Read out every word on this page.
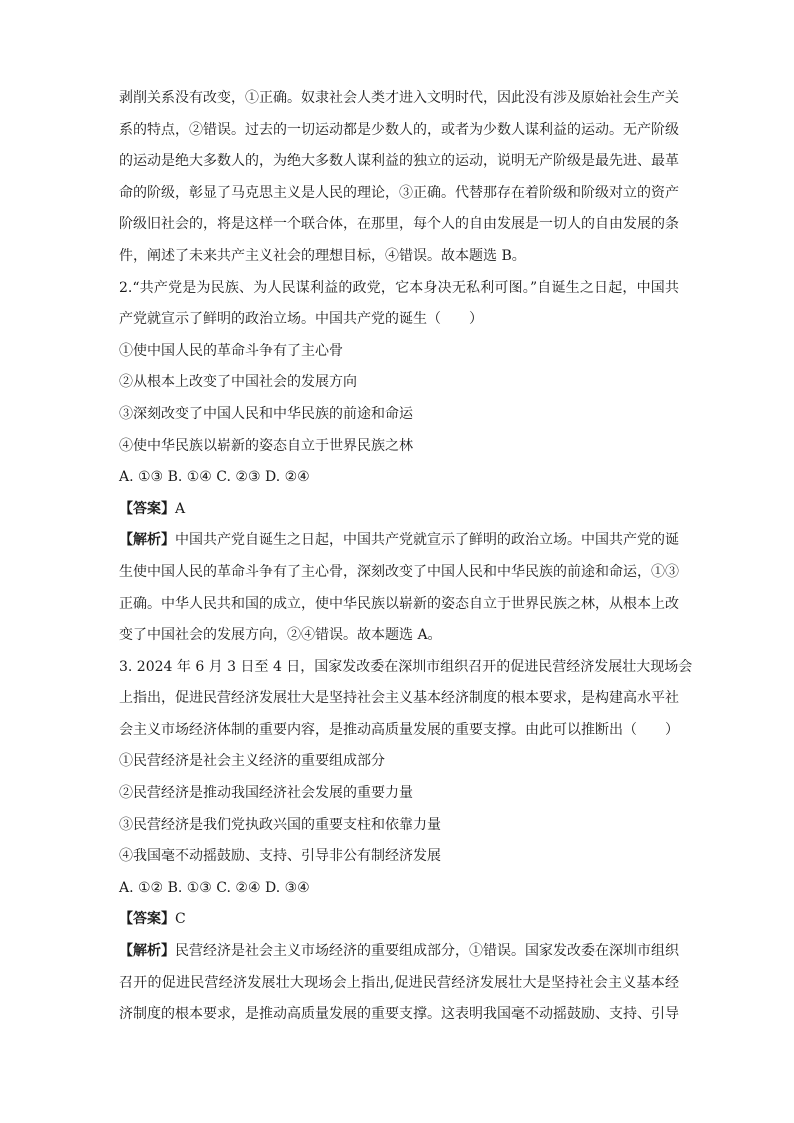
剥削关系没有改变，①正确。奴隶社会人类才进入文明时代，因此没有涉及原始社会生产关
系的特点，②错误。过去的一切运动都是少数人的，或者为少数人谋利益的运动。无产阶级
的运动是绝大多数人的，为绝大多数人谋利益的独立的运动，说明无产阶级是最先进、最革
命的阶级，彰显了马克思主义是人民的理论，③正确。代替那存在着阶级和阶级对立的资产
阶级旧社会的，将是这样一个联合体，在那里，每个人的自由发展是一切人的自由发展的条
件，阐述了未来共产主义社会的理想目标，④错误。故本题选 B。
2.“共产党是为民族、为人民谋利益的政党，它本身决无私利可图。”自诞生之日起，中国共
产党就宣示了鲜明的政治立场。中国共产党的诞生（　　）
①使中国人民的革命斗争有了主心骨
②从根本上改变了中国社会的发展方向
③深刻改变了中国人民和中华民族的前途和命运
④使中华民族以崭新的姿态自立于世界民族之林
A. ①③ B. ①④ C. ②③ D. ②④
【答案】A
【解析】中国共产党自诞生之日起，中国共产党就宣示了鲜明的政治立场。中国共产党的诞
生使中国人民的革命斗争有了主心骨，深刻改变了中国人民和中华民族的前途和命运，①③
正确。中华人民共和国的成立，使中华民族以崭新的姿态自立于世界民族之林，从根本上改
变了中国社会的发展方向，②④错误。故本题选 A。
3. 2024 年 6 月 3 日至 4 日，国家发改委在深圳市组织召开的促进民营经济发展壮大现场会
上指出，促进民营经济发展壮大是坚持社会主义基本经济制度的根本要求，是构建高水平社
会主义市场经济体制的重要内容，是推动高质量发展的重要支撑。由此可以推断出（　　）
①民营经济是社会主义经济的重要组成部分
②民营经济是推动我国经济社会发展的重要力量
③民营经济是我们党执政兴国的重要支柱和依靠力量
④我国毫不动摇鼓励、支持、引导非公有制经济发展
A. ①② B. ①③ C. ②④ D. ③④
【答案】C
【解析】民营经济是社会主义市场经济的重要组成部分，①错误。国家发改委在深圳市组织
召开的促进民营经济发展壮大现场会上指出,促进民营经济发展壮大是坚持社会主义基本经
济制度的根本要求，是推动高质量发展的重要支撑。这表明我国毫不动摇鼓励、支持、引导
